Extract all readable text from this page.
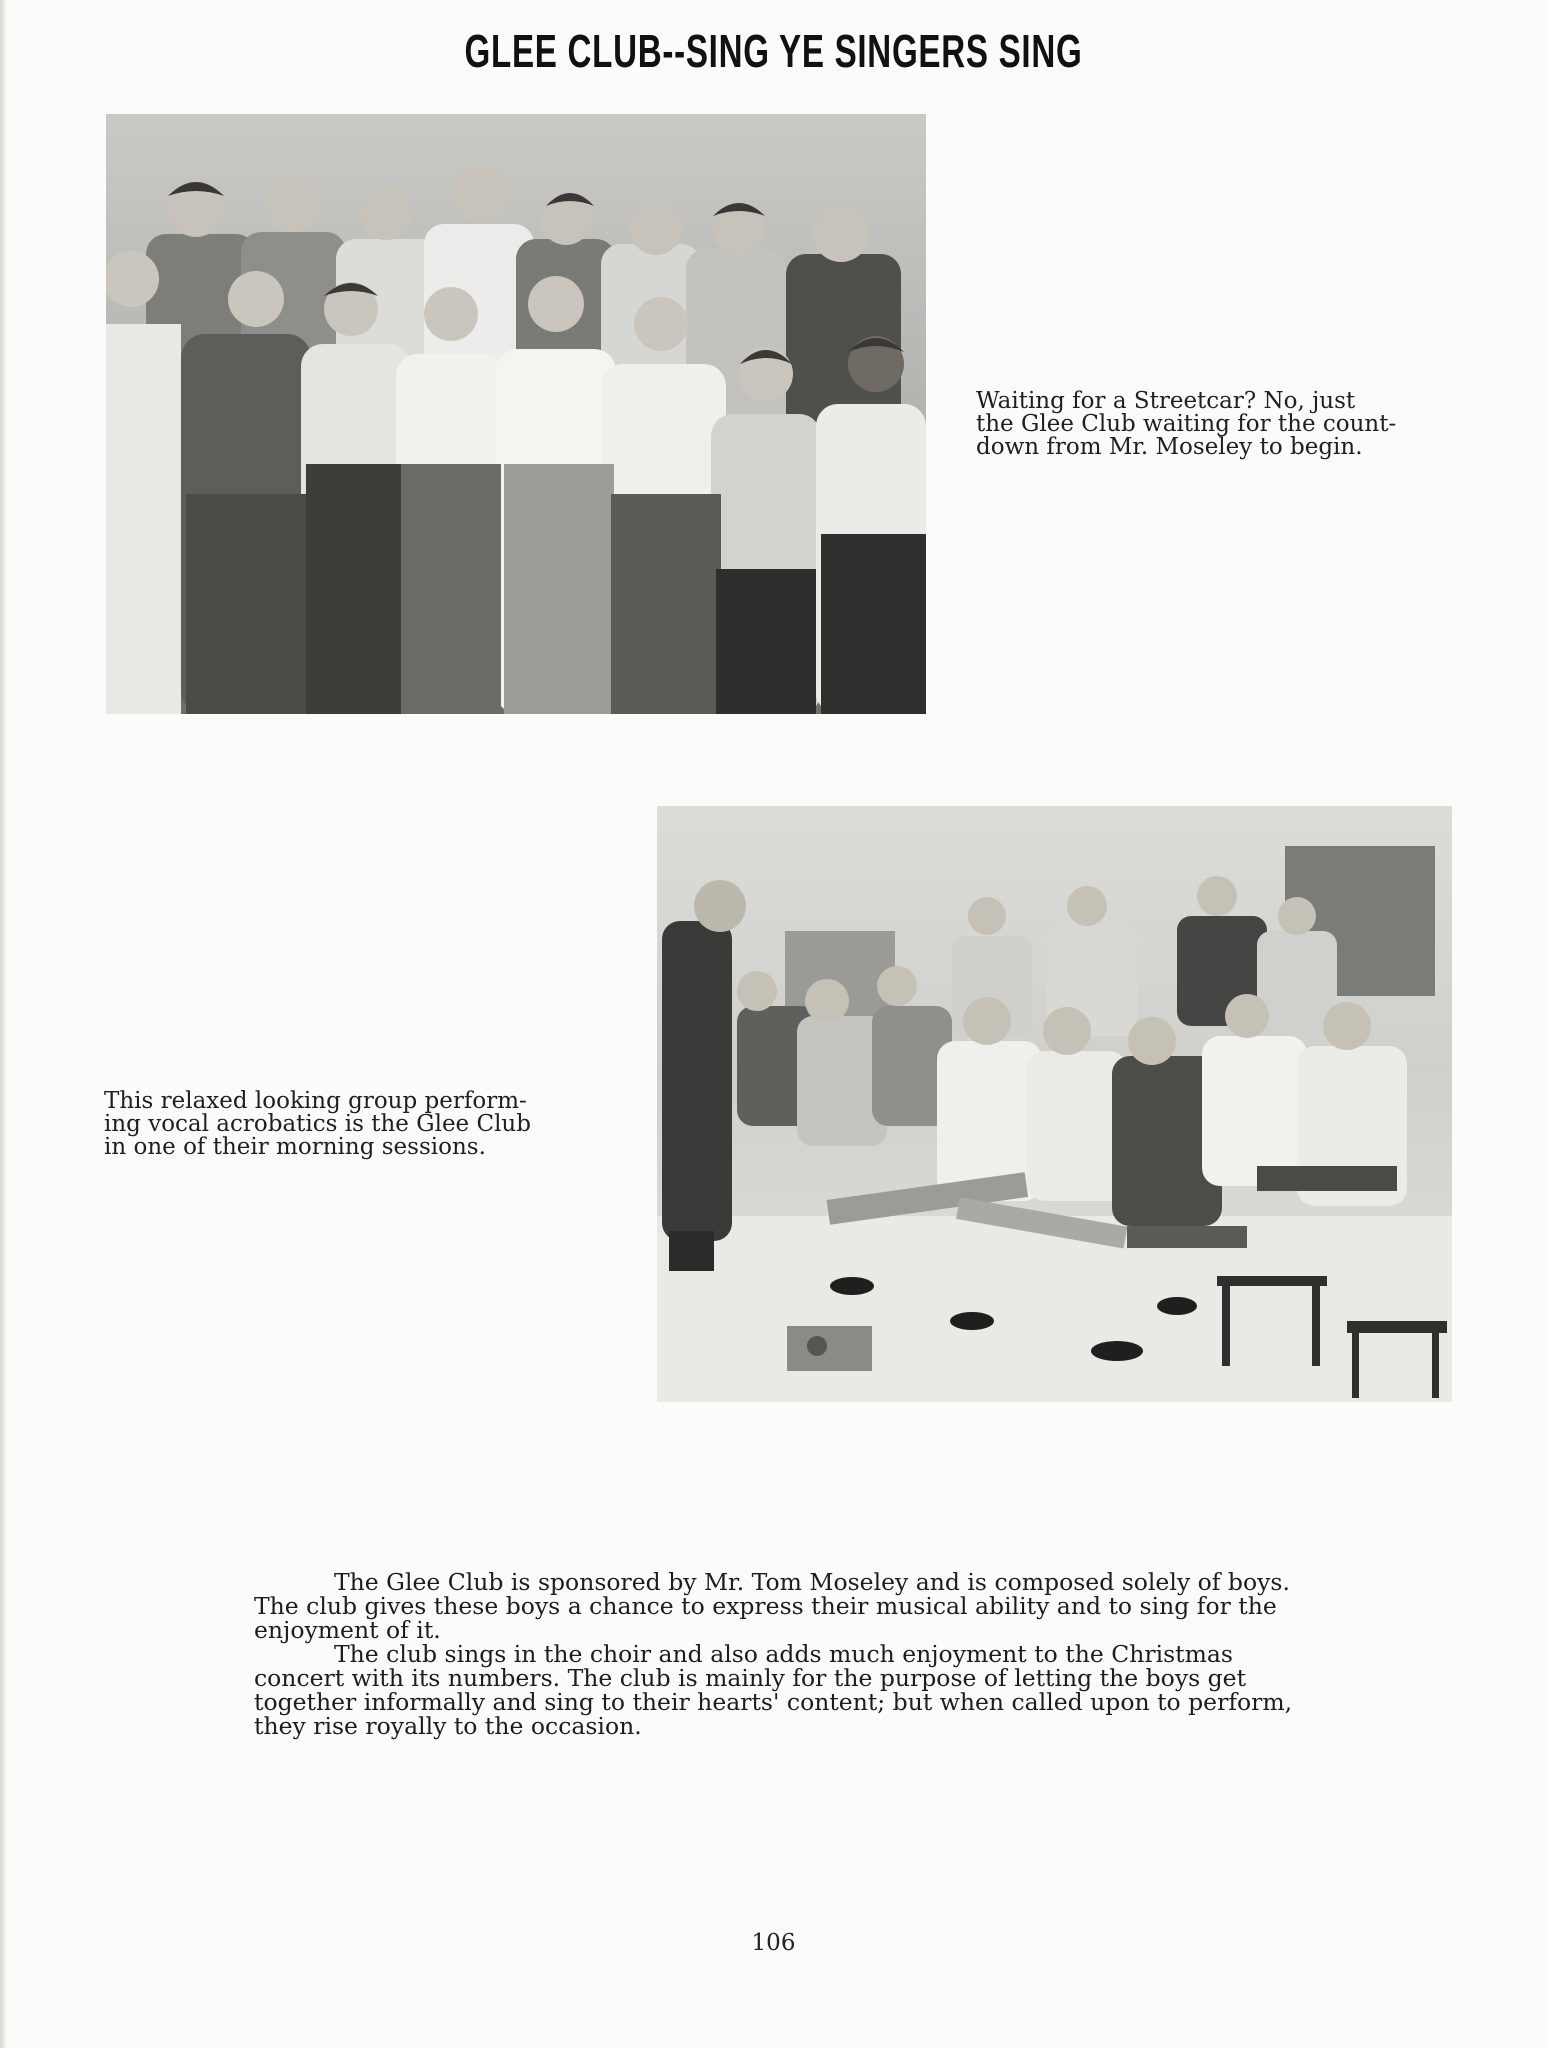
GLEE CLUB--SING YE SINGERS SING

Waiting for a Streetcar? No, just
the Glee Club waiting for the count-
down from Mr. Moseley to begin.

This relaxed looking group perform-
ing vocal acrobatics is the Glee Club
in one of their morning sessions.

The Glee Club is sponsored by Mr. Tom Moseley and is composed solely of boys. The club gives these boys a chance to express their musical ability and to sing for the enjoyment of it.

The club sings in the choir and also adds much enjoyment to the Christmas concert with its numbers. The club is mainly for the purpose of letting the boys get together informally and sing to their hearts' content; but when called upon to perform, they rise royally to the occasion.

106
